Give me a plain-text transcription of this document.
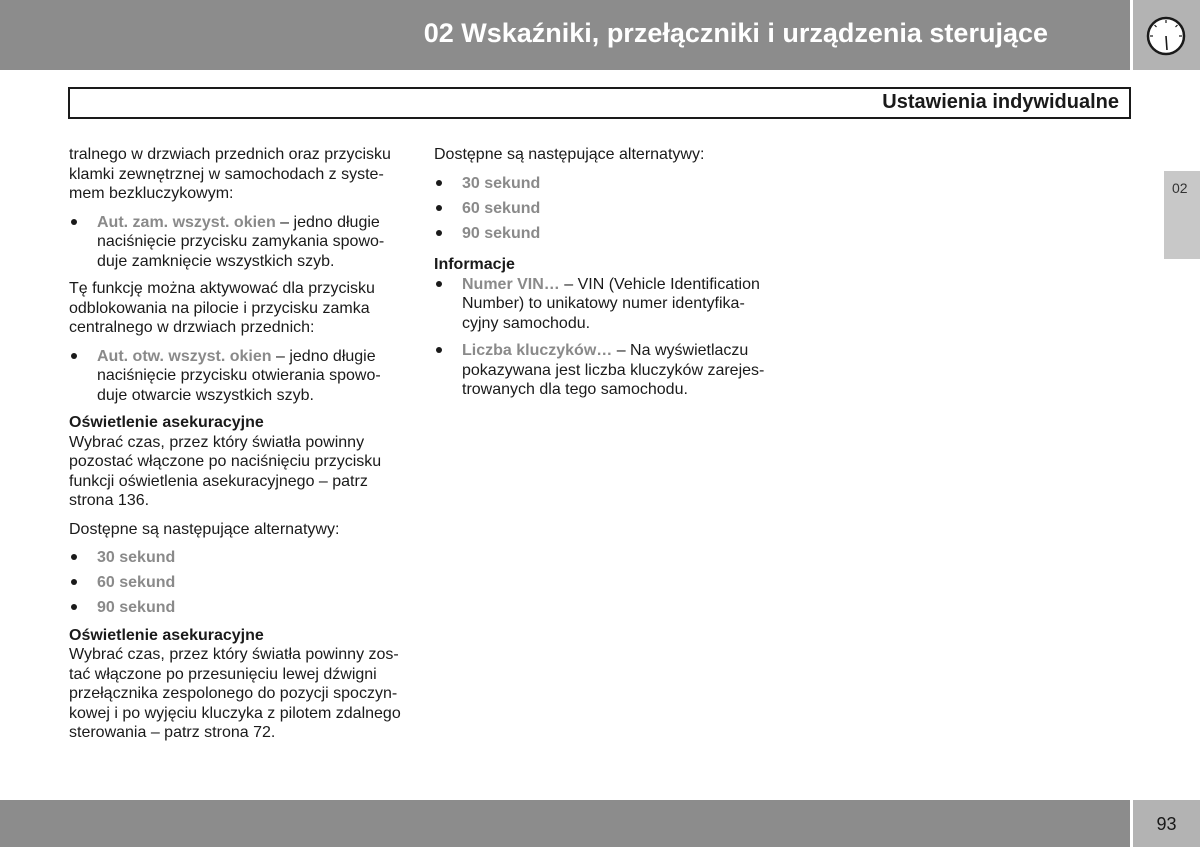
02 Wskaźniki, przełączniki i urządzenia sterujące
Ustawienia indywidualne
02

tralnego w drzwiach przednich oraz przycisku klamki zewnętrznej w samochodach z syste-mem bezkluczykowym:

Aut. zam. wszyst. okien – jedno długie naciśnięcie przycisku zamykania spowo-duje zamknięcie wszystkich szyb.

Tę funkcję można aktywować dla przycisku odblokowania na pilocie i przycisku zamka centralnego w drzwiach przednich:

Aut. otw. wszyst. okien – jedno długie naciśnięcie przycisku otwierania spowo-duje otwarcie wszystkich szyb.
Oświetlenie asekuracyjne

Wybrać czas, przez który światła powinny pozostać włączone po naciśnięciu przycisku funkcji oświetlenia asekuracyjnego – patrz strona 136.

Dostępne są następujące alternatywy:

30 sekund
60 sekund
90 sekund
Oświetlenie asekuracyjne

Wybrać czas, przez który światła powinny zos-tać włączone po przesunięciu lewej dźwigni przełącznika zespolonego do pozycji spoczyn-kowej i po wyjęciu kluczyka z pilotem zdalnego sterowania – patrz strona 72.

Dostępne są następujące alternatywy:

30 sekund
60 sekund
90 sekund
Informacje
Numer VIN… – VIN (Vehicle Identification Number) to unikatowy numer identyfika-cyjny samochodu.
Liczba kluczyków… – Na wyświetlaczu pokazywana jest liczba kluczyków zarejes-trowanych dla tego samochodu.
93
